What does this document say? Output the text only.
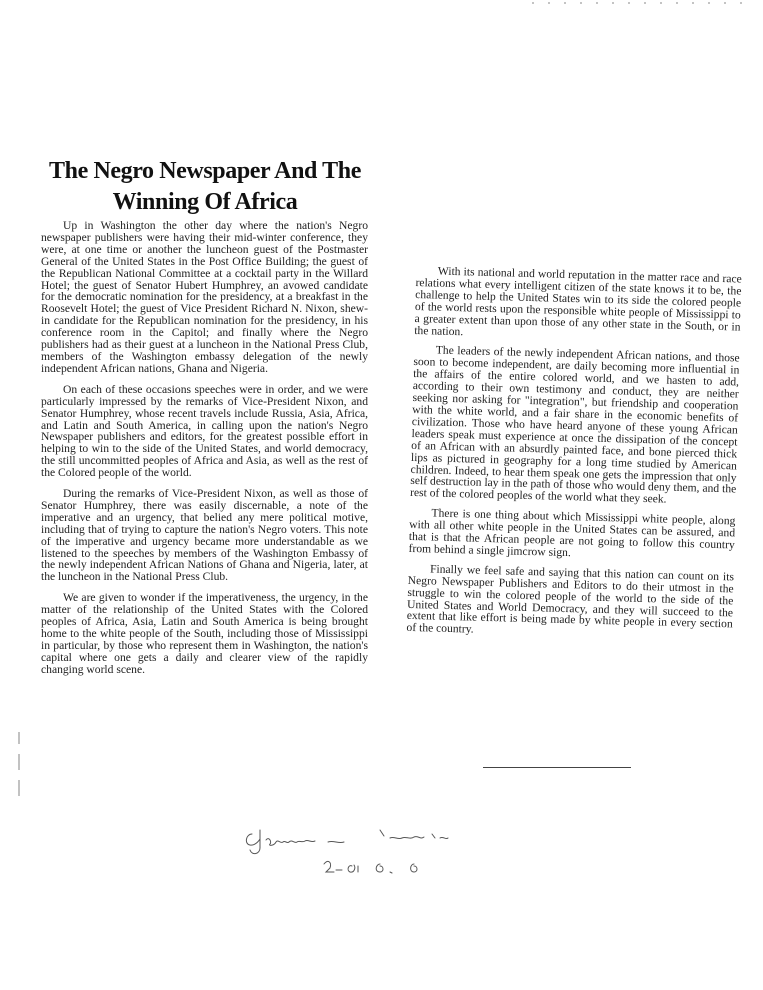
The Negro Newspaper And The
Winning Of Africa

Up in Washington the other day where the nation's Negro newspaper publishers were having their mid-winter conference, they were, at one time or another the luncheon guest of the Postmaster General of the United States in the Post Office Building; the guest of the Republican National Committee at a cocktail party in the Willard Hotel; the guest of Senator Hubert Humphrey, an avowed candidate for the democratic nomination for the presidency, at a breakfast in the Roosevelt Hotel; the guest of Vice President Richard N. Nixon, shew-in candidate for the Republican nomination for the presidency, in his conference room in the Capitol; and finally where the Negro publishers had as their guest at a luncheon in the National Press Club, members of the Washington embassy delegation of the newly independent African nations, Ghana and Nigeria.

On each of these occasions speeches were in order, and we were particularly impressed by the remarks of Vice-President Nixon, and Senator Humphrey, whose recent travels include Russia, Asia, Africa, and Latin and South America, in calling upon the nation's Negro Newspaper publishers and editors, for the greatest possible effort in helping to win to the side of the United States, and world democracy, the still uncommitted peoples of Africa and Asia, as well as the rest of the Colored people of the world.

During the remarks of Vice-President Nixon, as well as those of Senator Humphrey, there was easily discernable, a note of the imperative and an urgency, that belied any mere political motive, including that of trying to capture the nation's Negro voters. This note of the imperative and urgency became more understandable as we listened to the speeches by members of the Washington Embassy of the newly independent African Nations of Ghana and Nigeria, later, at the luncheon in the National Press Club.

We are given to wonder if the imperativeness, the urgency, in the matter of the relationship of the United States with the Colored peoples of Africa, Asia, Latin and South America is being brought home to the white people of the South, including those of Mississippi in particular, by those who represent them in Washington, the nation's capital where one gets a daily and clearer view of the rapidly changing world scene.

With its national and world reputation in the matter race and race relations what every intelligent citizen of the state knows it to be, the challenge to help the United States win to its side the colored people of the world rests upon the responsible white people of Mississippi to a greater extent than upon those of any other state in the South, or in the nation.

The leaders of the newly independent African nations, and those soon to become independent, are daily becoming more influential in the affairs of the entire colored world, and we hasten to add, according to their own testimony and conduct, they are neither seeking nor asking for "integration", but friendship and cooperation with the white world, and a fair share in the economic benefits of civilization. Those who have heard anyone of these young African leaders speak must experience at once the dissipation of the concept of an African with an absurdly painted face, and bone pierced thick lips as pictured in geography for a long time studied by American children. Indeed, to hear them speak one gets the impression that only self destruction lay in the path of those who would deny them, and the rest of the colored peoples of the world what they seek.

There is one thing about which Mississippi white people, along with all other white people in the United States can be assured, and that is that the African people are not going to follow this country from behind a single jimcrow sign.

Finally we feel safe and saying that this nation can count on its Negro Newspaper Publishers and Editors to do their utmost in the struggle to win the colored people of the world to the side of the United States and World Democracy, and they will succeed to the extent that like effort is being made by white people in every section of the country.
